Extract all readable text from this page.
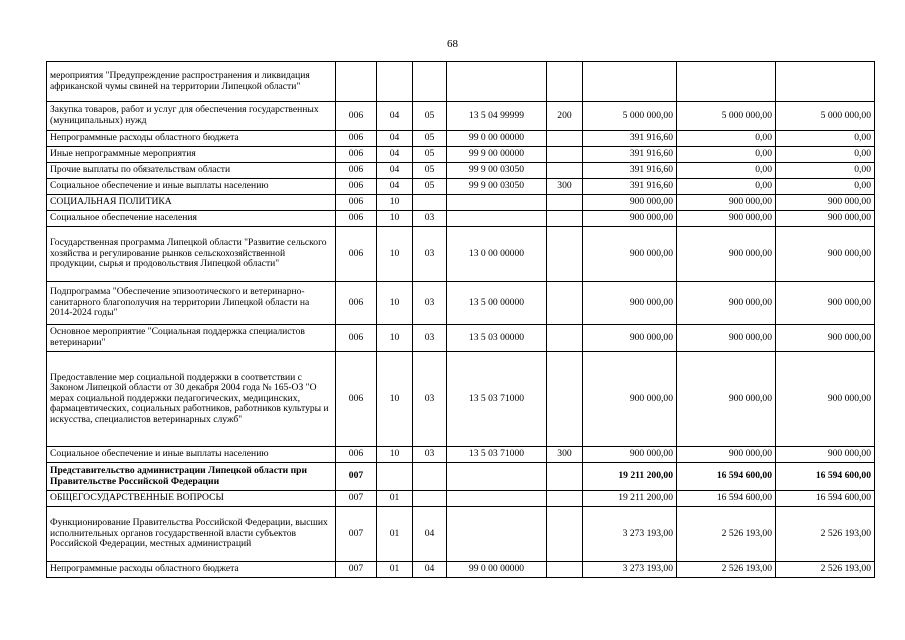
68
мероприятия "Предупреждение распространения и ликвидация африканской чумы свиней на территории Липецкой области"								
Закупка товаров, работ и услуг для обеспечения государственных (муниципальных) нужд	006	04	05	13 5 04 99999	200	5 000 000,00	5 000 000,00	5 000 000,00
Непрограммные расходы областного бюджета	006	04	05	99 0 00 00000		391 916,60	0,00	0,00
Иные непрограммные мероприятия	006	04	05	99 9 00 00000		391 916,60	0,00	0,00
Прочие выплаты по обязательствам области	006	04	05	99 9 00 03050		391 916,60	0,00	0,00
Социальное обеспечение и иные выплаты населению	006	04	05	99 9 00 03050	300	391 916,60	0,00	0,00
СОЦИАЛЬНАЯ ПОЛИТИКА	006	10				900 000,00	900 000,00	900 000,00
Социальное обеспечение населения	006	10	03			900 000,00	900 000,00	900 000,00
Государственная программа Липецкой области "Развитие сельского хозяйства и регулирование рынков сельскохозяйственной продукции, сырья и продовольствия Липецкой области"	006	10	03	13 0 00 00000		900 000,00	900 000,00	900 000,00
Подпрограмма "Обеспечение эпизоотического и ветеринарно-санитарного благополучия на территории Липецкой области на 2014-2024 годы"	006	10	03	13 5 00 00000		900 000,00	900 000,00	900 000,00
Основное мероприятие "Социальная поддержка специалистов ветеринарии"	006	10	03	13 5 03 00000		900 000,00	900 000,00	900 000,00
Предоставление мер социальной поддержки в соответствии с Законом Липецкой области от 30 декабря 2004 года № 165-ОЗ "О мерах социальной поддержки педагогических, медицинских, фармацевтических, социальных работников, работников культуры и искусства, специалистов ветеринарных служб"	006	10	03	13 5 03 71000		900 000,00	900 000,00	900 000,00
Социальное обеспечение и иные выплаты населению	006	10	03	13 5 03 71000	300	900 000,00	900 000,00	900 000,00
Представительство администрации Липецкой области при Правительстве Российской Федерации	007					19 211 200,00	16 594 600,00	16 594 600,00
ОБЩЕГОСУДАРСТВЕННЫЕ ВОПРОСЫ	007	01				19 211 200,00	16 594 600,00	16 594 600,00
Функционирование Правительства Российской Федерации, высших исполнительных органов государственной власти субъектов Российской Федерации, местных администраций	007	01	04			3 273 193,00	2 526 193,00	2 526 193,00
Непрограммные расходы областного бюджета	007	01	04	99 0 00 00000		3 273 193,00	2 526 193,00	2 526 193,00
